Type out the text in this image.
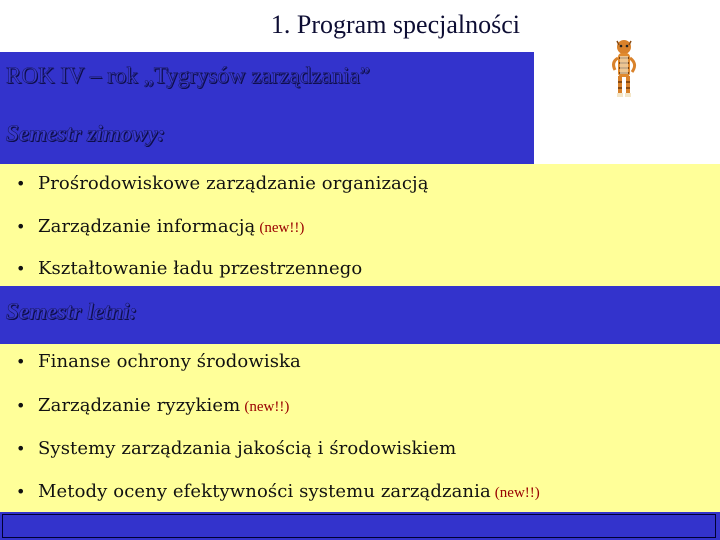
1. Program specjalności
ROK IV – rok „Tygrysów zarządzania”
Semestr zimowy:
• Prośrodowiskowe zarządzanie organizacją
• Zarządzanie informacją (new!!)
• Kształtowanie ładu przestrzennego
Semestr letni:
• Finanse ochrony środowiska
• Zarządzanie ryzykiem (new!!)
• Systemy zarządzania jakością i środowiskiem
• Metody oceny efektywności systemu zarządzania (new!!)
